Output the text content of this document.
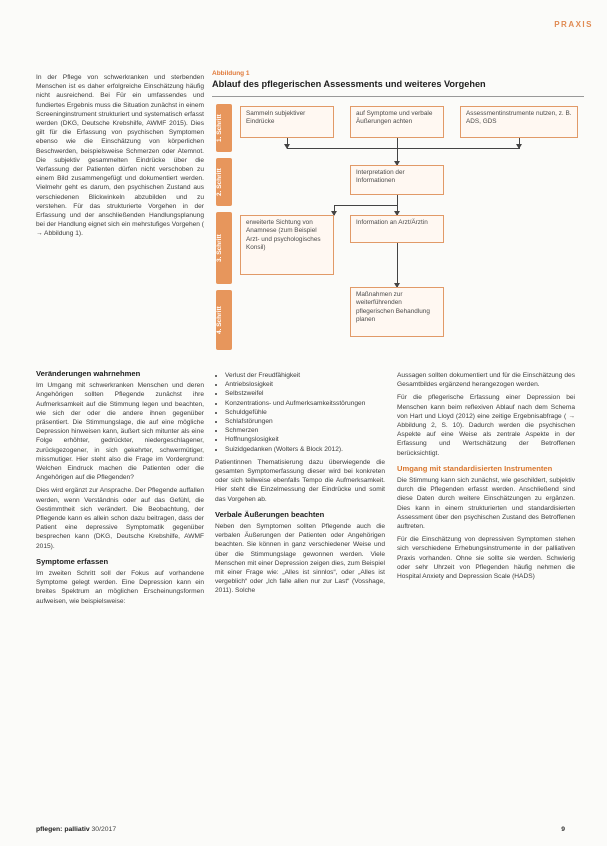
PRAXIS

In der Pflege von schwerkranken und sterbenden Menschen ist es daher erfolgreiche Einschätzung häufig nicht ausreichend. Bei Für ein umfassendes und fundiertes Ergebnis muss die Situation zunächst in einem Screeninginstrument strukturiert und systematisch erfasst werden (DKG, Deutsche Krebshilfe, AWMF 2015). Dies gilt für die Erfassung von psychischen Symptomen ebenso wie die Einschätzung von körperlichen Beschwerden, beispielsweise Schmerzen oder Atemnot. Die subjektiv gesammelten Eindrücke über die Verfassung der Patienten dürfen nicht verschoben zu einem Bild zusammengefügt und dokumentiert werden. Vielmehr geht es darum, den psychischen Zustand aus verschiedenen Blickwinkeln abzubilden und zu verstehen. Für das strukturierte Vorgehen in der Erfassung und der anschließenden Handlungsplanung bei der Handlung eignet sich ein mehrstufiges Vorgehen ( → Abbildung 1).

Abbildung 1
Ablauf des pflegerischen Assessments und weiteres Vorgehen
1. Schritt
2. Schritt
3. Schritt
4. Schritt
Sammeln subjektiver Eindrücke
auf Symptome und verbale Äußerungen achten
Assessmentinstrumente nutzen, z. B. ADS, GDS
Interpretation der Informationen
erweiterte Sichtung von Anamnese (zum Beispiel Arzt- und psychologisches Konsil)
Information an Arzt/Ärztin
Maßnahmen zur weiterführenden pflegerischen Behandlung planen
Veränderungen wahrnehmen

Im Umgang mit schwerkranken Menschen und deren Angehörigen sollten Pflegende zunächst ihre Aufmerksamkeit auf die Stimmung legen und beachten, wie sich der oder die andere ihnen gegenüber präsentiert. Die Stimmungslage, die auf eine mögliche Depression hinweisen kann, äußert sich mitunter als eine Folge erhöhter, gedrückter, niedergeschlagener, zurückgezogener, in sich gekehrter, schwermütiger, missmutiger. Hier steht also die Frage im Vordergrund: Welchen Eindruck machen die Patienten oder die Angehörigen auf die Pflegenden?

Dies wird ergänzt zur Ansprache. Der Pflegende auffallen werden, wenn Verständnis oder auf das Gefühl, die Gestimmtheit sich verändert. Die Beobachtung, der Pflegende kann es allein schon dazu beitragen, dass der Patient eine depressive Symptomatik gegenüber besprechen kann (DKG, Deutsche Krebshilfe, AWMF 2015).

Symptome erfassen

Im zweiten Schritt soll der Fokus auf vorhandene Symptome gelegt werden. Eine Depression kann ein breites Spektrum an möglichen Erscheinungsformen aufweisen, wie beispielsweise:

• Verlust der Freudfähigkeit
• Antriebslosigkeit
• Selbstzweifel
• Konzentrations- und Aufmerksamkeitsstörungen
• Schuldgefühle
• Schlafstörungen
• Schmerzen
• Hoffnungslosigkeit
• Suizidgedanken (Wolters & Block 2012).

Patientinnen Thematisierung dazu überwiegende die gesamten Symptomerfassung dieser wird bei konkreten oder sich teilweise ebenfalls Tempo die Aufmerksamkeit. Hier steht die Einzelmessung der Eindrücke und somit das Vorgehen ab.

Verbale Äußerungen beachten

Neben den Symptomen sollten Pflegende auch die verbalen Äußerungen der Patienten oder Angehörigen beachten. Sie können in ganz verschiedener Weise und über die Stimmungslage gewonnen werden. Viele Menschen mit einer Depression zeigen dies, zum Beispiel mit einer Frage wie: „Alles ist sinnlos“, oder „Alles ist vergeblich“ oder „Ich falle allen nur zur Last“ (Vosshage, 2011). Solche

Aussagen sollten dokumentiert und für die Einschätzung des Gesamtbildes ergänzend herangezogen werden.

Für die pflegerische Erfassung einer Depression bei Menschen kann beim reflexiven Ablauf nach dem Schema von Hart und Lloyd (2012) eine zeitige Ergebnisabfrage ( → Abbildung 2, S. 10). Dadurch werden die psychischen Aspekte auf eine Weise als zentrale Aspekte in der Erfassung und Wertschätzung der Betroffenen berücksichtigt.

Umgang mit standardisierten Instrumenten

Die Stimmung kann sich zunächst, wie geschildert, subjektiv durch die Pflegenden erfasst werden. Anschließend sind diese Daten durch weitere Einschätzungen zu ergänzen. Dies kann in einem strukturierten und standardisierten Assessment über den psychischen Zustand des Betroffenen auftreten.

Für die Einschätzung von depressiven Symptomen stehen sich verschiedene Erhebungsinstrumente in der palliativen Praxis vorhanden. Ohne sie sollte sie werden. Schwierig oder sehr Uhrzeit von Pflegenden häufig nehmen die Hospital Anxiety and Depression Scale (HADS)

pflegen: palliativ 30/2017	9
